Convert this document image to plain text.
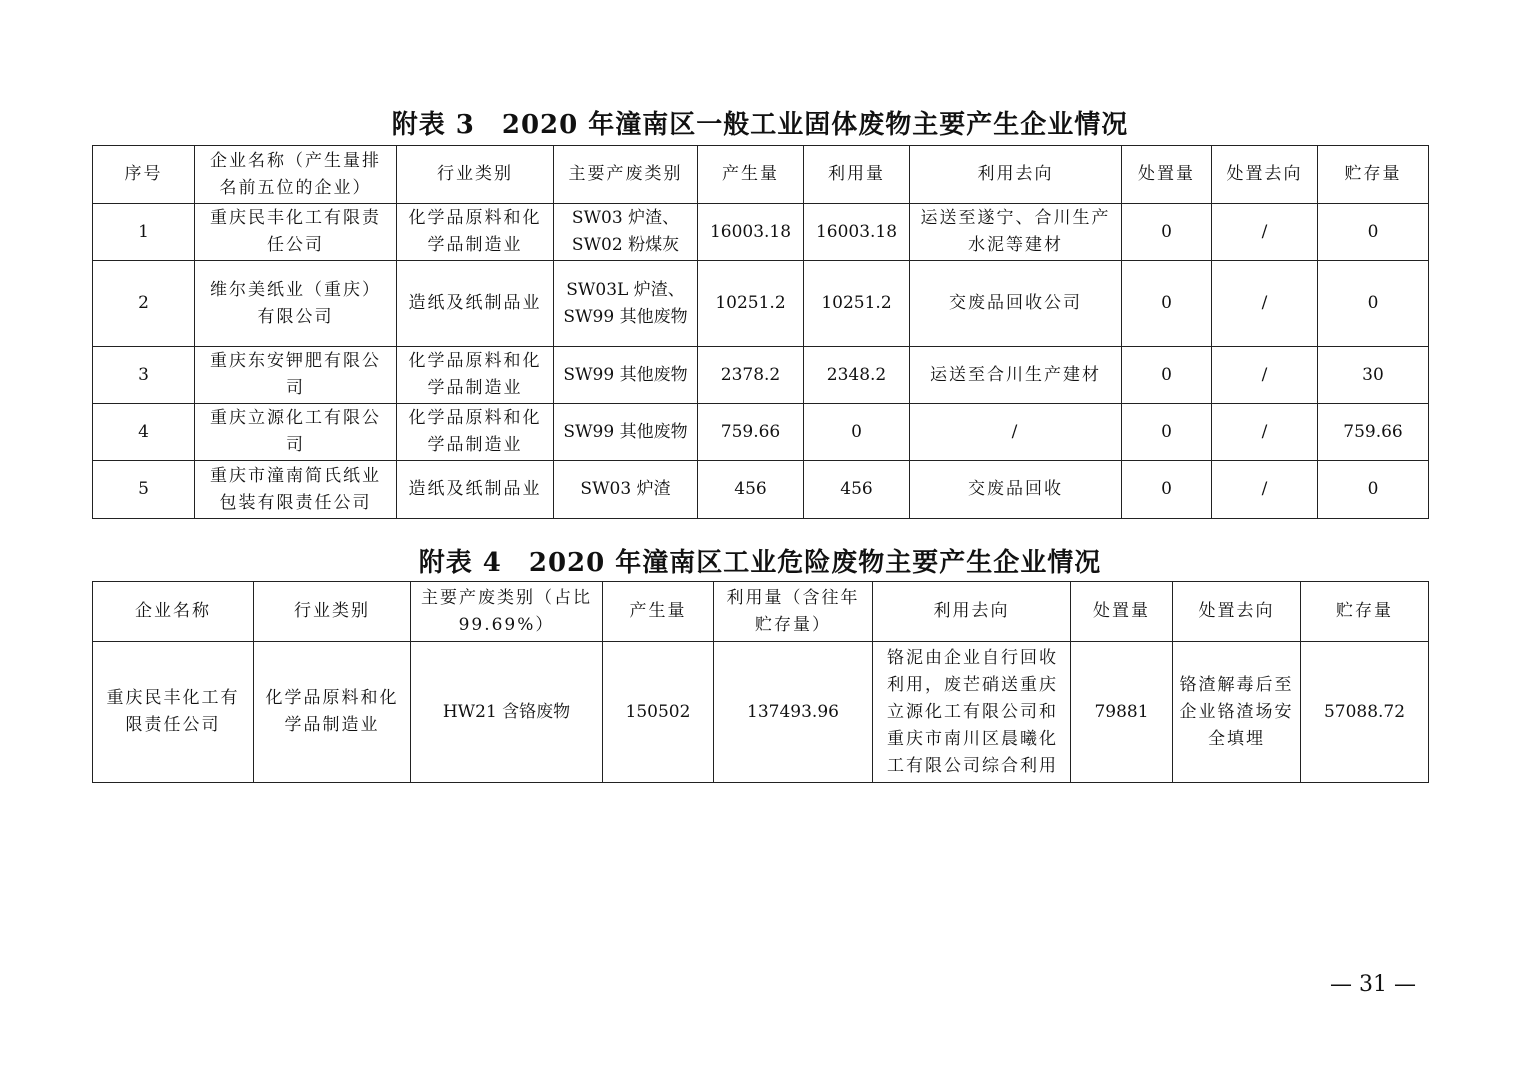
附表 3　2020 年潼南区一般工业固体废物主要产生企业情况
序号	企业名称（产生量排名前五位的企业）	行业类别	主要产废类别	产生量	利用量	利用去向	处置量	处置去向	贮存量
1	重庆民丰化工有限责任公司	化学品原料和化学品制造业	SW03 炉渣、SW02 粉煤灰	16003.18	16003.18	运送至遂宁、合川生产水泥等建材	0	/	0
2	维尔美纸业（重庆）有限公司	造纸及纸制品业	SW03L 炉渣、SW99 其他废物	10251.2	10251.2	交废品回收公司	0	/	0
3	重庆东安钾肥有限公司	化学品原料和化学品制造业	SW99 其他废物	2378.2	2348.2	运送至合川生产建材	0	/	30
4	重庆立源化工有限公司	化学品原料和化学品制造业	SW99 其他废物	759.66	0	/	0	/	759.66
5	重庆市潼南简氏纸业包装有限责任公司	造纸及纸制品业	SW03 炉渣	456	456	交废品回收	0	/	0
附表 4　2020 年潼南区工业危险废物主要产生企业情况
企业名称	行业类别	主要产废类别（占比99.69%）	产生量	利用量（含往年贮存量）	利用去向	处置量	处置去向	贮存量
重庆民丰化工有限责任公司	化学品原料和化学品制造业	HW21 含铬废物	150502	137493.96	铬泥由企业自行回收利用，废芒硝送重庆立源化工有限公司和重庆市南川区晨曦化工有限公司综合利用	79881	铬渣解毒后至企业铬渣场安全填埋	57088.72
— 31 —
